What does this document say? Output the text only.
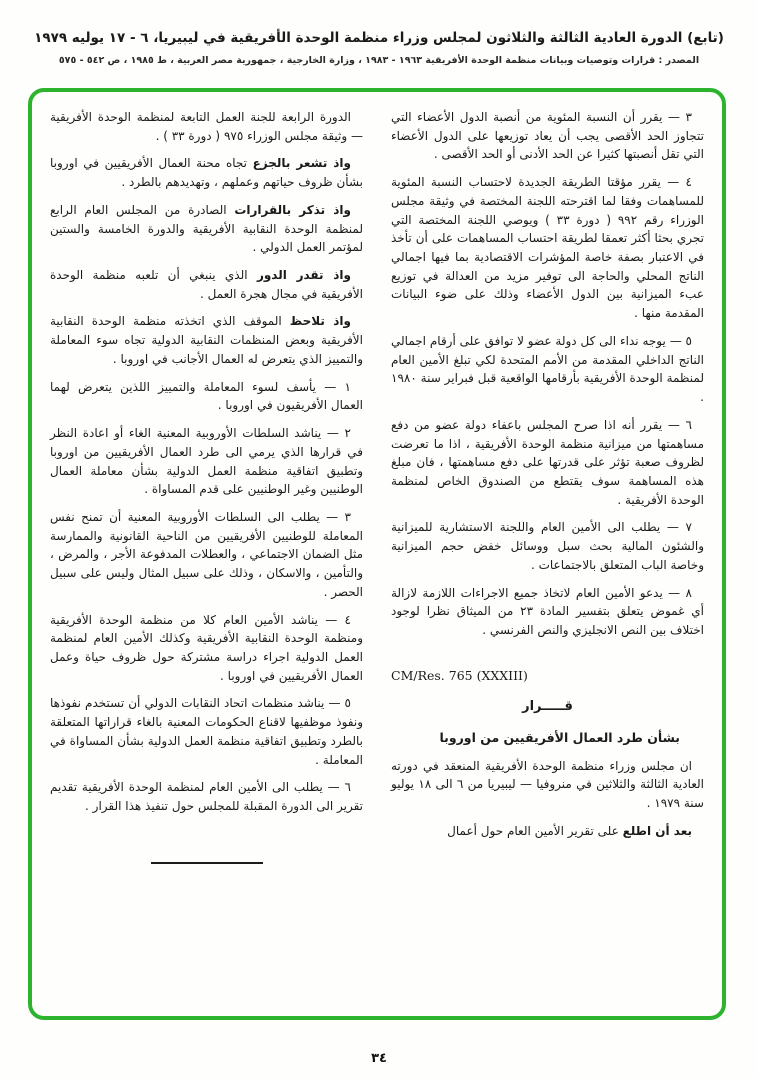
(تابع) الدورة العادية الثالثة والثلاثون لمجلس وزراء منظمة الوحدة الأفريقية في ليبيريا، ٦ - ١٧ يوليه ١٩٧٩
المصدر : قرارات وتوصيات وبيانات منظمة الوحدة الأفريقية ١٩٦٣ - ١٩٨٣ ، وزارة الخارجية ، جمهورية مصر العربية ، ط ١٩٨٥ ، ص ٥٤٢ - ٥٧٥

٣ — يقرر أن النسبة المئوية من أنصبة الدول الأعضاء التي تتجاوز الحد الأقصى يجب أن يعاد توزيعها على الدول الأعضاء التي تقل أنصبتها كثيرا عن الحد الأدنى أو الحد الأقصى .

٤ — يقرر مؤقتا الطريقة الجديدة لاحتساب النسبة المئوية للمساهمات وفقا لما اقترحته اللجنة المختصة في وثيقة مجلس الوزراء رقم ٩٩٢ ( دورة ٣٣ ) ويوصي اللجنة المختصة التي تجري بحثا أكثر تعمقا لطريقة احتساب المساهمات على أن تأخذ في الاعتبار بصفة خاصة المؤشرات الاقتصادية بما فيها اجمالي الناتج المحلي والحاجة الى توفير مزيد من العدالة في توزيع عبء الميزانية بين الدول الأعضاء وذلك على ضوء البيانات المقدمة منها .

٥ — يوجه نداء الى كل دولة عضو لا توافق على أرقام اجمالي الناتج الداخلي المقدمة من الأمم المتحدة لكي تبلغ الأمين العام لمنظمة الوحدة الأفريقية بأرقامها الواقعية قبل فبراير سنة ١٩٨٠ .

٦ — يقرر أنه اذا صرح المجلس باعفاء دولة عضو من دفع مساهمتها من ميزانية منظمة الوحدة الأفريقية ، اذا ما تعرضت لظروف صعبة تؤثر على قدرتها على دفع مساهمتها ، فان مبلغ هذه المساهمة سوف يقتطع من الصندوق الخاص لمنظمة الوحدة الأفريقية .

٧ — يطلب الى الأمين العام واللجنة الاستشارية للميزانية والشئون المالية بحث سبل ووسائل خفض حجم الميزانية وخاصة الباب المتعلق بالاجتماعات .

٨ — يدعو الأمين العام لاتخاذ جميع الاجراءات اللازمة لازالة أي غموض يتعلق بتفسير المادة ٢٣ من الميثاق نظرا لوجود اختلاف بين النص الانجليزي والنص الفرنسي .

CM/Res. 765 (XXXIII)

قـــــرار

بشأن طرد العمال الأفريقيين من اوروبا

ان مجلس وزراء منظمة الوحدة الأفريقية المنعقد في دورته العادية الثالثة والثلاثين في منروفيا — ليبيريا من ٦ الى ١٨ يوليو سنة ١٩٧٩ .

بعد أن اطلع على تقرير الأمين العام حول أعمال

الدورة الرابعة للجنة العمل التابعة لمنظمة الوحدة الأفريقية — وثيقة مجلس الوزراء ٩٧٥ ( دورة ٣٣ ) .

واذ تشعر بالجزع تجاه محنة العمال الأفريقيين في اوروبا بشأن ظروف حياتهم وعملهم ، وتهديدهم بالطرد .

واذ تذكر بالقرارات الصادرة من المجلس العام الرابع لمنظمة الوحدة النقابية الأفريقية والدورة الخامسة والستين لمؤتمر العمل الدولي .

واذ تقدر الدور الذي ينبغي أن تلعبه منظمة الوحدة الأفريقية في مجال هجرة العمل .

واذ تلاحظ الموقف الذي اتخذته منظمة الوحدة النقابية الأفريقية وبعض المنظمات النقابية الدولية تجاه سوء المعاملة والتمييز الذي يتعرض له العمال الأجانب في اوروبا .

١ — يأسف لسوء المعاملة والتمييز اللذين يتعرض لهما العمال الأفريقيون في اوروبا .

٢ — يناشد السلطات الأوروبية المعنية الغاء أو اعادة النظر في قرارها الذي يرمي الى طرد العمال الأفريقيين من اوروبا وتطبيق اتفاقية منظمة العمل الدولية بشأن معاملة العمال الوطنيين وغير الوطنيين على قدم المساواة .

٣ — يطلب الى السلطات الأوروبية المعنية أن تمنح نفس المعاملة للوطنيين الأفريقيين من الناحية القانونية والممارسة مثل الضمان الاجتماعي ، والعطلات المدفوعة الأجر ، والمرض ، والتأمين ، والاسكان ، وذلك على سبيل المثال وليس على سبيل الحصر .

٤ — يناشد الأمين العام كلا من منظمة الوحدة الأفريقية ومنظمة الوحدة النقابية الأفريقية وكذلك الأمين العام لمنظمة العمل الدولية اجراء دراسة مشتركة حول ظروف حياة وعمل العمال الأفريقيين في اوروبا .

٥ — يناشد منظمات اتحاد النقابات الدولي أن تستخدم نفوذها ونفوذ موظفيها لاقناع الحكومات المعنية بالغاء قراراتها المتعلقة بالطرد وتطبيق اتفاقية منظمة العمل الدولية بشأن المساواة في المعاملة .

٦ — يطلب الى الأمين العام لمنظمة الوحدة الأفريقية تقديم تقرير الى الدورة المقبلة للمجلس حول تنفيذ هذا القرار .

٣٤
